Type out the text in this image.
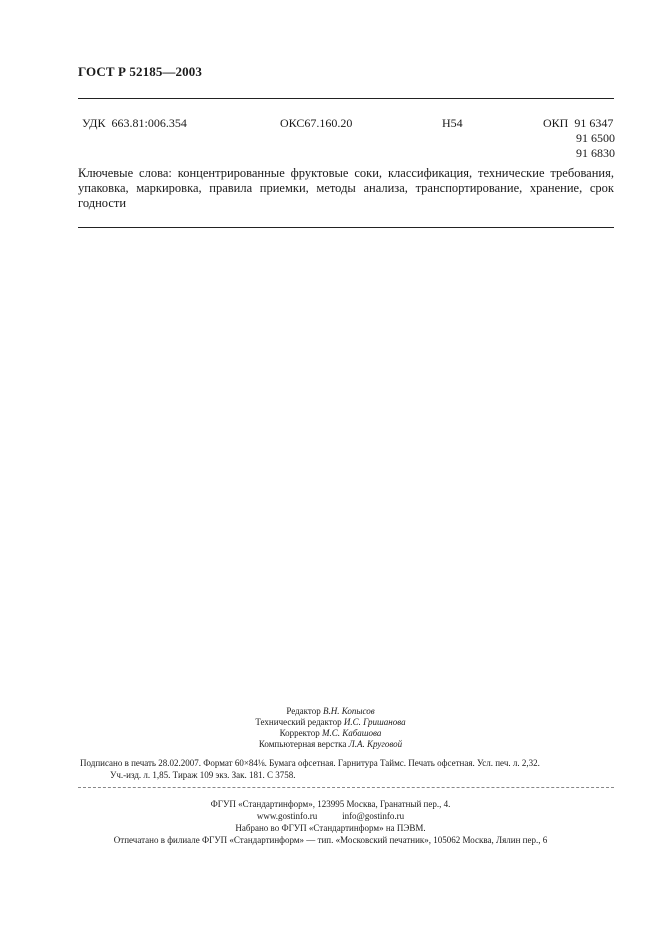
ГОСТ Р 52185—2003
УДК 663.81:006.354	ОКС67.160.20	Н54	ОКП 91 6347
91 6500
91 6830
Ключевые слова: концентрированные фруктовые соки, классификация, технические требования,
упаковка, маркировка, правила приемки, методы анализа, транспортирование, хранение, срок
годности
Редактор В.Н. Копысов
Технический редактор И.С. Гришанова
Корректор М.С. Кабашова
Компьютерная верстка Л.А. Круговой
Подписано в печать 28.02.2007. Формат 60×84⅛. Бумага офсетная. Гарнитура Таймс. Печать офсетная. Усл. печ. л. 2,32.
Уч.-изд. л. 1,85. Тираж 109 экз. Зак. 181. С 3758.
ФГУП «Стандартинформ», 123995 Москва, Гранатный пер., 4.
www.gostinfo.ru	info@gostinfo.ru
Набрано во ФГУП «Стандартинформ» на ПЭВМ.
Отпечатано в филиале ФГУП «Стандартинформ» — тип. «Московский печатник», 105062 Москва, Лялин пер., 6
